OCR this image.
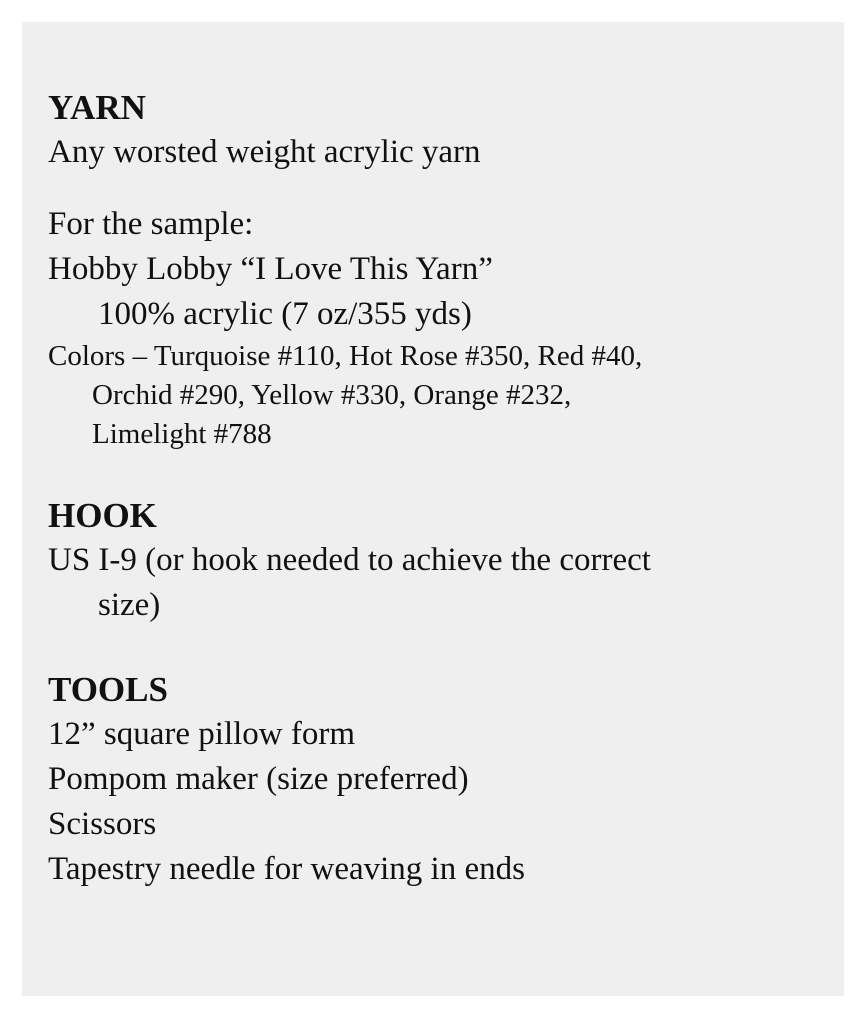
YARN

Any worsted weight acrylic yarn

For the sample:

Hobby Lobby “I Love This Yarn”

100% acrylic (7 oz/355 yds)

Colors – Turquoise #110, Hot Rose #350, Red #40,

Orchid #290, Yellow #330, Orange #232,

Limelight #788

HOOK

US I-9 (or hook needed to achieve the correct

size)

TOOLS

12” square pillow form

Pompom maker (size preferred)

Scissors

Tapestry needle for weaving in ends
